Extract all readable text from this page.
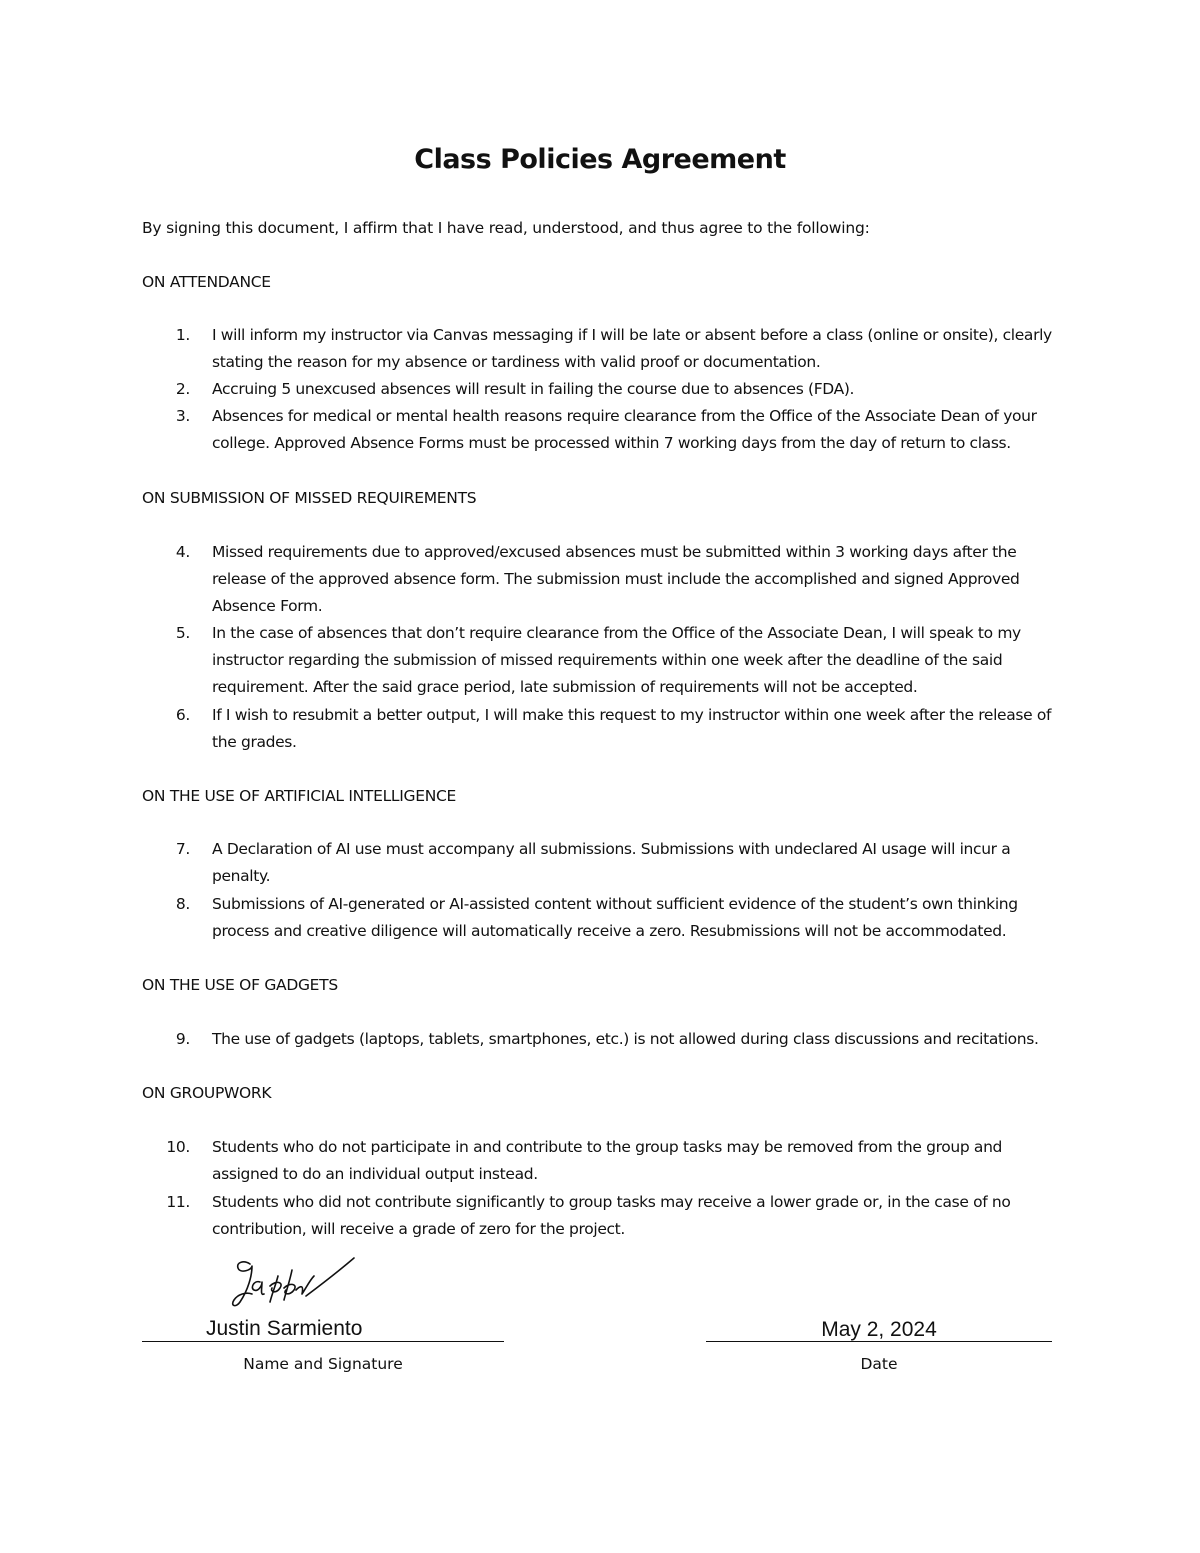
Class Policies Agreement
By signing this document, I affirm that I have read, understood, and thus agree to the following:
ON ATTENDANCE
1. I will inform my instructor via Canvas messaging if I will be late or absent before a class (online or onsite), clearly stating the reason for my absence or tardiness with valid proof or documentation.
2. Accruing 5 unexcused absences will result in failing the course due to absences (FDA).
3. Absences for medical or mental health reasons require clearance from the Office of the Associate Dean of your college. Approved Absence Forms must be processed within 7 working days from the day of return to class.
ON SUBMISSION OF MISSED REQUIREMENTS
4. Missed requirements due to approved/excused absences must be submitted within 3 working days after the release of the approved absence form. The submission must include the accomplished and signed Approved Absence Form.
5. In the case of absences that don’t require clearance from the Office of the Associate Dean, I will speak to my instructor regarding the submission of missed requirements within one week after the deadline of the said requirement. After the said grace period, late submission of requirements will not be accepted.
6. If I wish to resubmit a better output, I will make this request to my instructor within one week after the release of the grades.
ON THE USE OF ARTIFICIAL INTELLIGENCE
7. A Declaration of AI use must accompany all submissions. Submissions with undeclared AI usage will incur a penalty.
8. Submissions of AI-generated or AI-assisted content without sufficient evidence of the student’s own thinking process and creative diligence will automatically receive a zero. Resubmissions will not be accommodated.
ON THE USE OF GADGETS
9. The use of gadgets (laptops, tablets, smartphones, etc.) is not allowed during class discussions and recitations.
ON GROUPWORK
10. Students who do not participate in and contribute to the group tasks may be removed from the group and assigned to do an individual output instead.
11. Students who did not contribute significantly to group tasks may receive a lower grade or, in the case of no contribution, will receive a grade of zero for the project.
Justin Sarmiento	May 2, 2024
Name and Signature	Date
